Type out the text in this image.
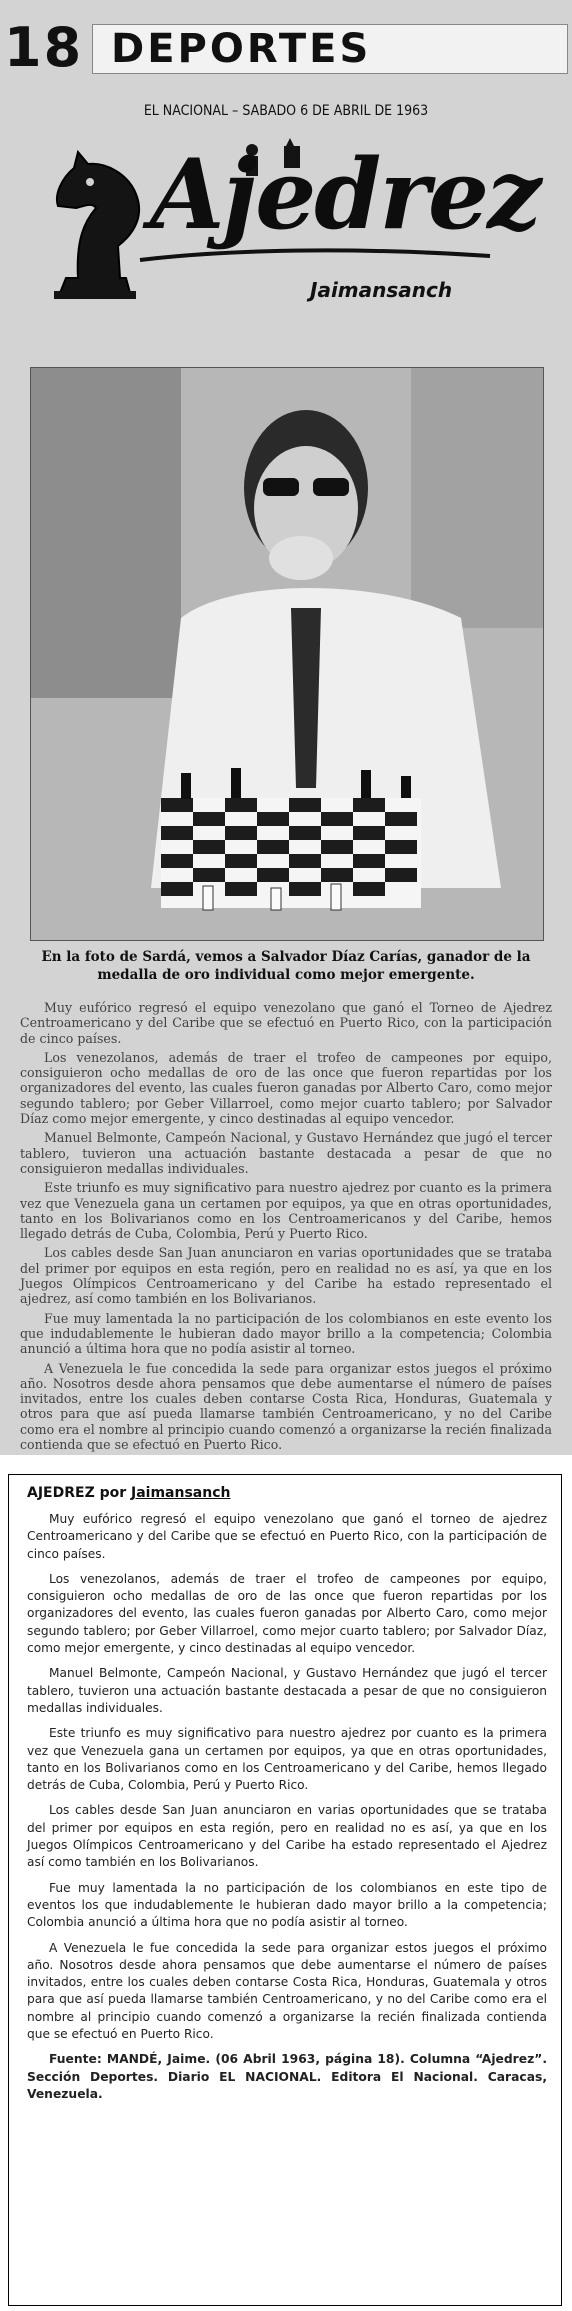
18 DEPORTES
EL NACIONAL – SABADO 6 DE ABRIL DE 1963
Ajedrez
Jaimansanch
En la foto de Sardá, vemos a Salvador Díaz Carías, ganador de la medalla de oro individual como mejor emergente.

Muy eufórico regresó el equipo venezolano que ganó el Torneo de Ajedrez Centroamericano y del Caribe que se efectuó en Puerto Rico, con la participación de cinco países.

Los venezolanos, además de traer el trofeo de campeones por equipo, consiguieron ocho medallas de oro de las once que fueron repartidas por los organizadores del evento, las cuales fueron ganadas por Alberto Caro, como mejor segundo tablero; por Geber Villarroel, como mejor cuarto tablero; por Salvador Díaz como mejor emergente, y cinco destinadas al equipo vencedor.

Manuel Belmonte, Campeón Nacional, y Gustavo Hernández que jugó el tercer tablero, tuvieron una actuación bastante destacada a pesar de que no consiguieron medallas individuales.

Este triunfo es muy significativo para nuestro ajedrez por cuanto es la primera vez que Venezuela gana un certamen por equipos, ya que en otras oportunidades, tanto en los Bolivarianos como en los Centroamericanos y del Caribe, hemos llegado detrás de Cuba, Colombia, Perú y Puerto Rico.

Los cables desde San Juan anunciaron en varias oportunidades que se trataba del primer por equipos en esta región, pero en realidad no es así, ya que en los Juegos Olímpicos Centroamericano y del Caribe ha estado representado el ajedrez, así como también en los Bolivarianos.

Fue muy lamentada la no participación de los colombianos en este evento los que indudablemente le hubieran dado mayor brillo a la competencia; Colombia anunció a última hora que no podía asistir al torneo.

A Venezuela le fue concedida la sede para organizar estos juegos el próximo año. Nosotros desde ahora pensamos que debe aumentarse el número de países invitados, entre los cuales deben contarse Costa Rica, Honduras, Guatemala y otros para que así pueda llamarse también Centroamericano, y no del Caribe como era el nombre al principio cuando comenzó a organizarse la recién finalizada contienda que se efectuó en Puerto Rico.

AJEDREZ por Jaimansanch

Muy eufórico regresó el equipo venezolano que ganó el torneo de ajedrez Centroamericano y del Caribe que se efectuó en Puerto Rico, con la participación de cinco países.

Los venezolanos, además de traer el trofeo de campeones por equipo, consiguieron ocho medallas de oro de las once que fueron repartidas por los organizadores del evento, las cuales fueron ganadas por Alberto Caro, como mejor segundo tablero; por Geber Villarroel, como mejor cuarto tablero; por Salvador Díaz, como mejor emergente, y cinco destinadas al equipo vencedor.

Manuel Belmonte, Campeón Nacional, y Gustavo Hernández que jugó el tercer tablero, tuvieron una actuación bastante destacada a pesar de que no consiguieron medallas individuales.

Este triunfo es muy significativo para nuestro ajedrez por cuanto es la primera vez que Venezuela gana un certamen por equipos, ya que en otras oportunidades, tanto en los Bolivarianos como en los Centroamericano y del Caribe, hemos llegado detrás de Cuba, Colombia, Perú y Puerto Rico.

Los cables desde San Juan anunciaron en varias oportunidades que se trataba del primer por equipos en esta región, pero en realidad no es así, ya que en los Juegos Olímpicos Centroamericano y del Caribe ha estado representado el Ajedrez así como también en los Bolivarianos.

Fue muy lamentada la no participación de los colombianos en este tipo de eventos los que indudablemente le hubieran dado mayor brillo a la competencia; Colombia anunció a última hora que no podía asistir al torneo.

A Venezuela le fue concedida la sede para organizar estos juegos el próximo año. Nosotros desde ahora pensamos que debe aumentarse el número de países invitados, entre los cuales deben contarse Costa Rica, Honduras, Guatemala y otros para que así pueda llamarse también Centroamericano, y no del Caribe como era el nombre al principio cuando comenzó a organizarse la recién finalizada contienda que se efectuó en Puerto Rico.

Fuente: MANDÉ, Jaime. (06 Abril 1963, página 18). Columna “Ajedrez”. Sección Deportes. Diario EL NACIONAL. Editora El Nacional. Caracas, Venezuela.
